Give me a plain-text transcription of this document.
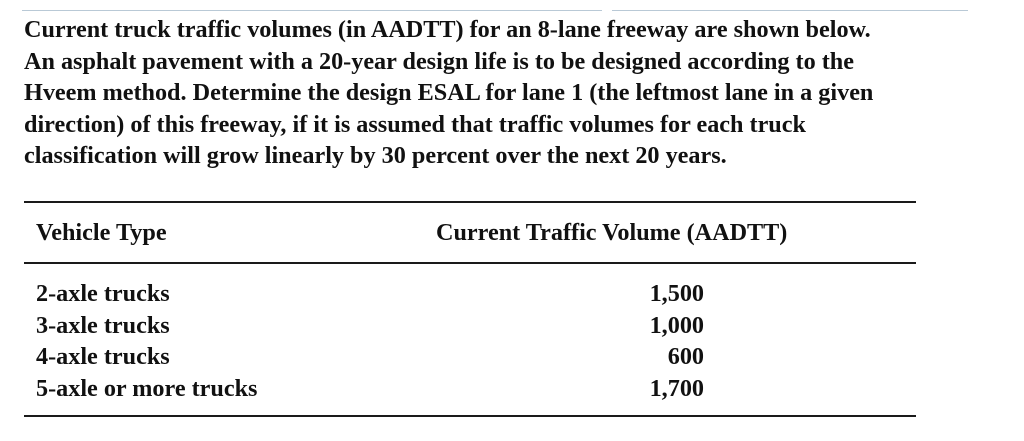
Current truck traffic volumes (in AADTT) for an 8-lane freeway are shown below.
An asphalt pavement with a 20-year design life is to be designed according to the
Hveem method. Determine the design ESAL for lane 1 (the leftmost lane in a given
direction) of this freeway, if it is assumed that traffic volumes for each truck
classification will grow linearly by 30 percent over the next 20 years.

Vehicle Type	Current Traffic Volume (AADTT)
2-axle trucks	1,500
3-axle trucks	1,000
4-axle trucks	600
5-axle or more trucks	1,700
